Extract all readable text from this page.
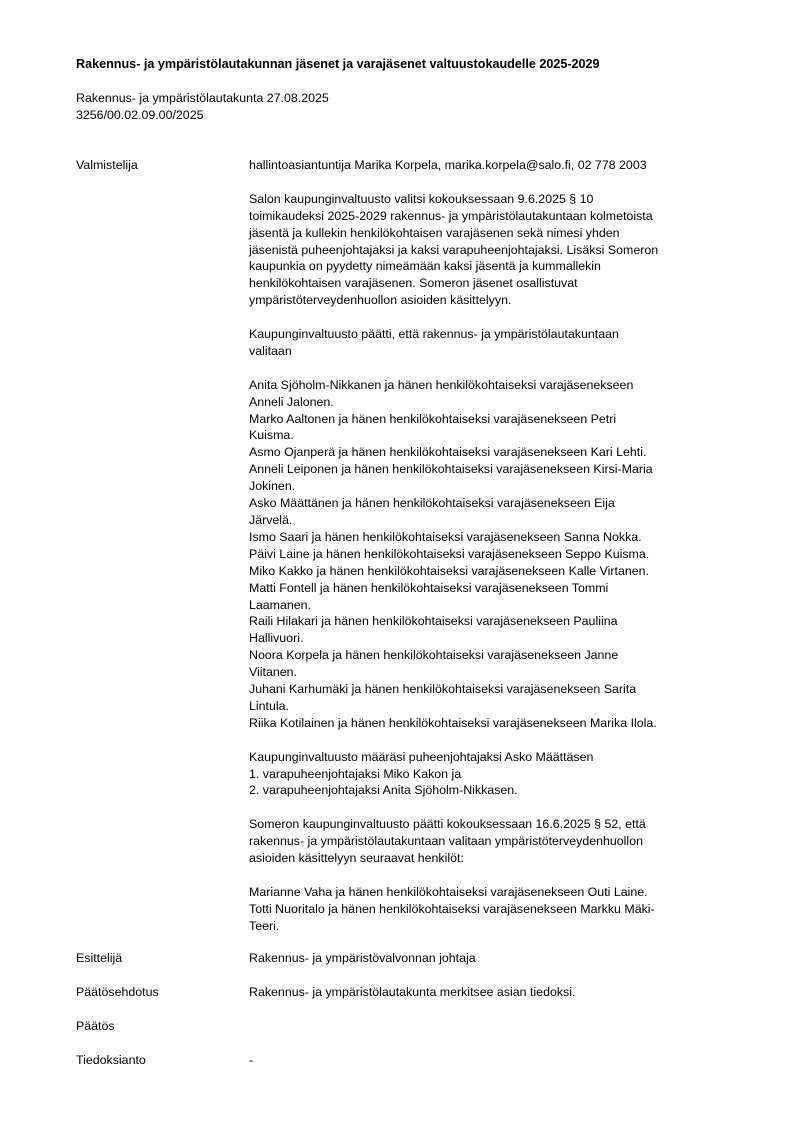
Rakennus- ja ympäristölautakunnan jäsenet ja varajäsenet valtuustokaudelle 2025-2029
Rakennus- ja ympäristölautakunta 27.08.2025
3256/00.02.09.00/2025
Valmistelija	hallintoasiantuntija Marika Korpela, marika.korpela@salo.fi, 02 778 2003
Salon kaupunginvaltuusto valitsi kokouksessaan 9.6.2025 § 10
toimikaudeksi 2025-2029 rakennus- ja ympäristölautakuntaan kolmetoista
jäsentä ja kullekin henkilökohtaisen varajäsenen sekä nimesi yhden
jäsenistä puheenjohtajaksi ja kaksi varapuheenjohtajaksi. Lisäksi Someron
kaupunkia on pyydetty nimeämään kaksi jäsentä ja kummallekin
henkilökohtaisen varajäsenen. Someron jäsenet osallistuvat
ympäristöterveydenhuollon asioiden käsittelyyn.
Kaupunginvaltuusto päätti, että rakennus- ja ympäristölautakuntaan
valitaan
Anita Sjöholm-Nikkanen ja hänen henkilökohtaiseksi varajäsenekseen
Anneli Jalonen.
Marko Aaltonen ja hänen henkilökohtaiseksi varajäsenekseen Petri
Kuisma.
Asmo Ojanperä ja hänen henkilökohtaiseksi varajäsenekseen Kari Lehti.
Anneli Leiponen ja hänen henkilökohtaiseksi varajäsenekseen Kirsi-Maria
Jokinen.
Asko Määttänen ja hänen henkilökohtaiseksi varajäsenekseen Eija
Järvelä.
Ismo Saari ja hänen henkilökohtaiseksi varajäsenekseen Sanna Nokka.
Päivi Laine ja hänen henkilökohtaiseksi varajäsenekseen Seppo Kuisma.
Miko Kakko ja hänen henkilökohtaiseksi varajäsenekseen Kalle Virtanen.
Matti Fontell ja hänen henkilökohtaiseksi varajäsenekseen Tommi
Laamanen.
Raili Hilakari ja hänen henkilökohtaiseksi varajäsenekseen Pauliina
Hallivuori.
Noora Korpela ja hänen henkilökohtaiseksi varajäsenekseen Janne
Viitanen.
Juhani Karhumäki ja hänen henkilökohtaiseksi varajäsenekseen Sarita
Lintula.
Riika Kotilainen ja hänen henkilökohtaiseksi varajäsenekseen Marika Ilola.
Kaupunginvaltuusto määräsi puheenjohtajaksi Asko Määttäsen
1. varapuheenjohtajaksi Miko Kakon ja
2. varapuheenjohtajaksi Anita Sjöholm-Nikkasen.
Someron kaupunginvaltuusto päätti kokouksessaan 16.6.2025 § 52, että
rakennus- ja ympäristölautakuntaan valitaan ympäristöterveydenhuollon
asioiden käsittelyyn seuraavat henkilöt:
Marianne Vaha ja hänen henkilökohtaiseksi varajäsenekseen Outi Laine.
Totti Nuoritalo ja hänen henkilökohtaiseksi varajäsenekseen Markku Mäki-
Teeri.
Esittelijä	Rakennus- ja ympäristövalvonnan johtaja
Päätösehdotus	Rakennus- ja ympäristölautakunta merkitsee asian tiedoksi.
Päätös
Tiedoksianto	-
